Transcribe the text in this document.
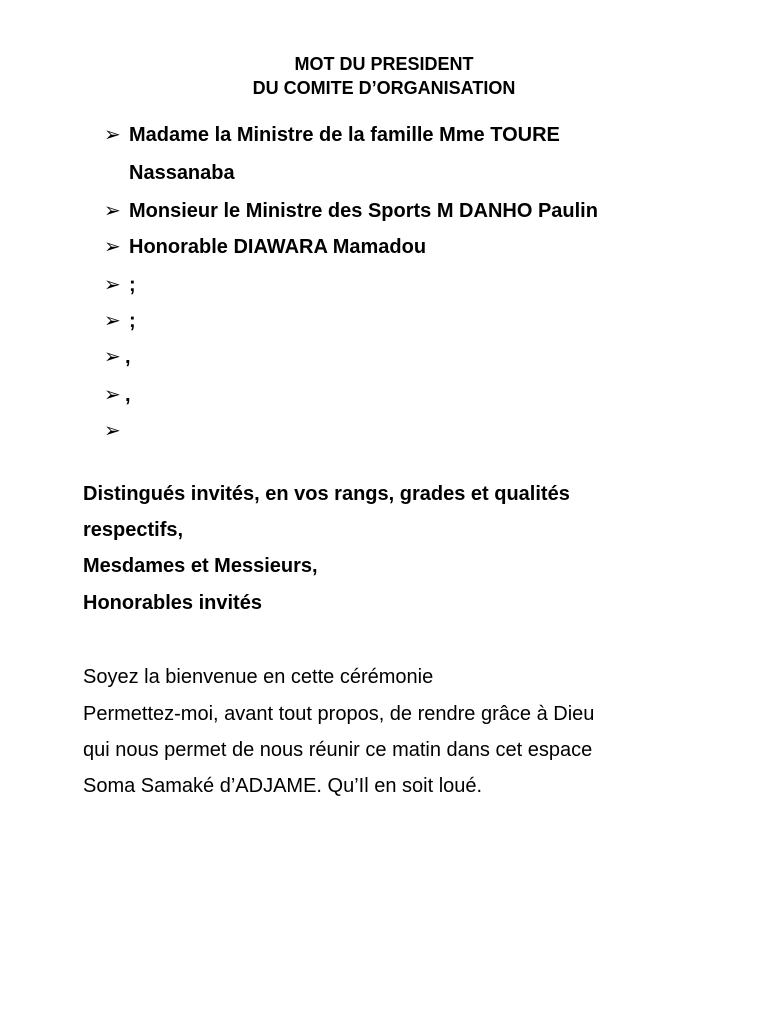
MOT DU PRESIDENT
DU COMITE D’ORGANISATION
➢ Madame la Ministre de la famille Mme TOURE
➢ Monsieur le Ministre des Sports M DANHO Paulin
➢ Honorable DIAWARA Mamadou
➢ ;
➢ ;
➢ ,
➢ ,
➢
Nassanaba
Distingués invités, en vos rangs, grades et qualités
respectifs,
Mesdames et Messieurs,
Honorables invités
Soyez la bienvenue en cette cérémonie
Permettez-moi, avant tout propos, de rendre grâce à Dieu
qui nous permet de nous réunir ce matin dans cet espace
Soma Samaké d’ADJAME. Qu’Il en soit loué.
